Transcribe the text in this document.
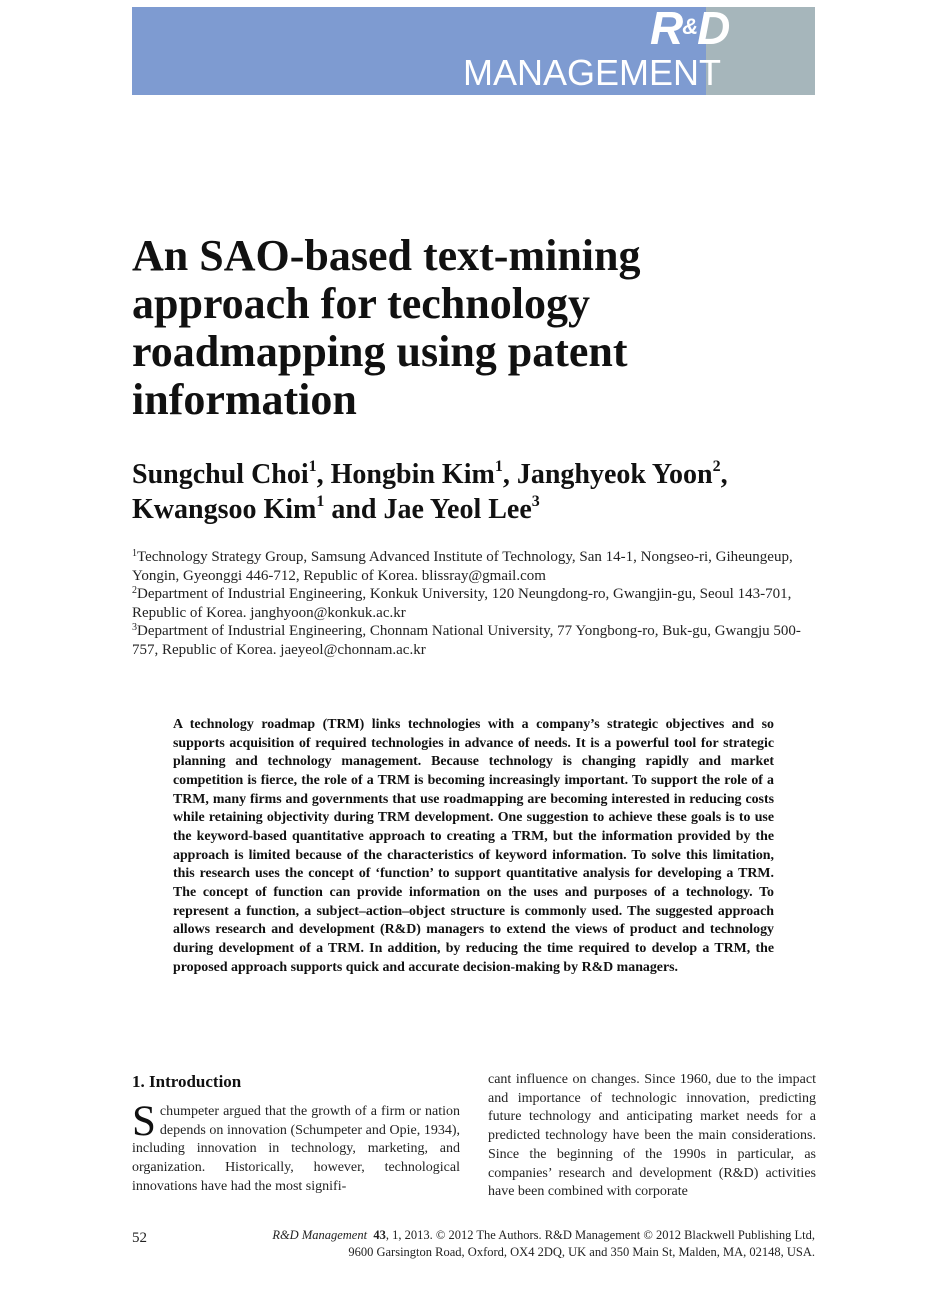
R&D
MANAGEMENT
An SAO-based text-mining approach for technology roadmapping using patent information

Sungchul Choi$^1$, Hongbin Kim$^1$, Janghyeok Yoon$^2$,
Kwangsoo Kim$^1$ and Jae Yeol Lee$^3$

$^1$Technology Strategy Group, Samsung Advanced Institute of Technology, San 14-1, Nongseo-ri, Giheungeup, Yongin, Gyeonggi 446-712, Republic of Korea. blissray@gmail.com
$^2$Department of Industrial Engineering, Konkuk University, 120 Neungdong-ro, Gwangjin-gu, Seoul 143-701, Republic of Korea. janghyoon@konkuk.ac.kr
$^3$Department of Industrial Engineering, Chonnam National University, 77 Yongbong-ro, Buk-gu, Gwangju 500-757, Republic of Korea. jaeyeol@chonnam.ac.kr

A technology roadmap (TRM) links technologies with a company’s strategic objectives and so supports acquisition of required technologies in advance of needs. It is a powerful tool for strategic planning and technology management. Because technology is changing rapidly and market competition is fierce, the role of a TRM is becoming increasingly important. To support the role of a TRM, many firms and governments that use roadmapping are becoming interested in reducing costs while retaining objectivity during TRM development. One suggestion to achieve these goals is to use the keyword-based quantitative approach to creating a TRM, but the information provided by the approach is limited because of the characteristics of keyword information. To solve this limitation, this research uses the concept of ‘function’ to support quantitative analysis for developing a TRM. The concept of function can provide information on the uses and purposes of a technology. To represent a function, a subject–action–object structure is commonly used. The suggested approach allows research and development (R&D) managers to extend the views of product and technology during development of a TRM. In addition, by reducing the time required to develop a TRM, the proposed approach supports quick and accurate decision-making by R&D managers.

1. Introduction

Schumpeter argued that the growth of a firm or nation depends on innovation (Schumpeter and Opie, 1934), including innovation in technology, marketing, and organization. Historically, however, technological innovations have had the most signifi-

cant influence on changes. Since 1960, due to the impact and importance of technologic innovation, predicting future technology and anticipating market needs for a predicted technology have been the main considerations. Since the beginning of the 1990s in particular, as companies’ research and development (R&D) activities have been combined with corporate

52	R&D Management 43, 1, 2013. © 2012 The Authors. R&D Management © 2012 Blackwell Publishing Ltd,
9600 Garsington Road, Oxford, OX4 2DQ, UK and 350 Main St, Malden, MA, 02148, USA.
